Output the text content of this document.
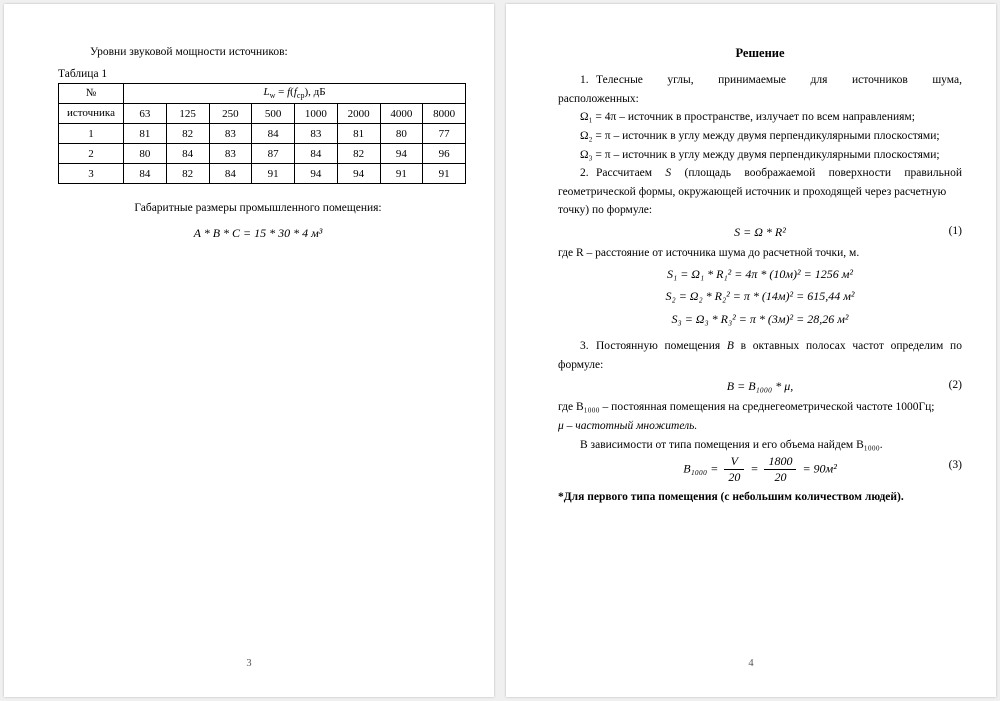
Уровни звуковой мощности источников:

Таблица 1

№	$L_w = f(f_{ср})$, дБ							
источника	63	125	250	500	1000	2000	4000	8000
1	81	82	83	84	83	81	80	77
2	80	84	83	87	84	82	94	96
3	84	82	84	91	94	94	91	91

Габаритные размеры промышленного помещения:

A * B * C = 15 * 30 * 4 м³

3

Решение

1. Телесные углы, принимаемые для источников шума,

расположенных:

Ω₁ = 4π – источник в пространстве, излучает по всем направлениям;

Ω₂ = π – источник в углу между двумя перпендикулярными плоскостями;

Ω₃ = π – источник в углу между двумя перпендикулярными плоскостями;

2. Рассчитаем S (площадь воображаемой поверхности правильной

геометрической формы, окружающей источник и проходящей через расчетную

точку) по формуле:

S = Ω * R²	(1)

где R – расстояние от источника шума до расчетной точки, м.

S₁ = Ω₁ * R₁² = 4π * (10м)² = 1256 м²

S₂ = Ω₂ * R₂² = π * (14м)² = 615,44 м²

S₃ = Ω₃ * R₃² = π * (3м)² = 28,26 м²

3. Постоянную помещения B в октавных полосах частот определим по

формуле:

B = B₁₀₀₀ * μ,	(2)

где B₁₀₀₀ – постоянная помещения на среднегеометрической частоте 1000Гц;

μ – частотный множитель.

В зависимости от типа помещения и его объема найдем B₁₀₀₀.

$B_{1000} = \frac{V}{20} = \frac{1800}{20} = 90м^2$	(3)

*Для первого типа помещения (с небольшим количеством людей).

4
